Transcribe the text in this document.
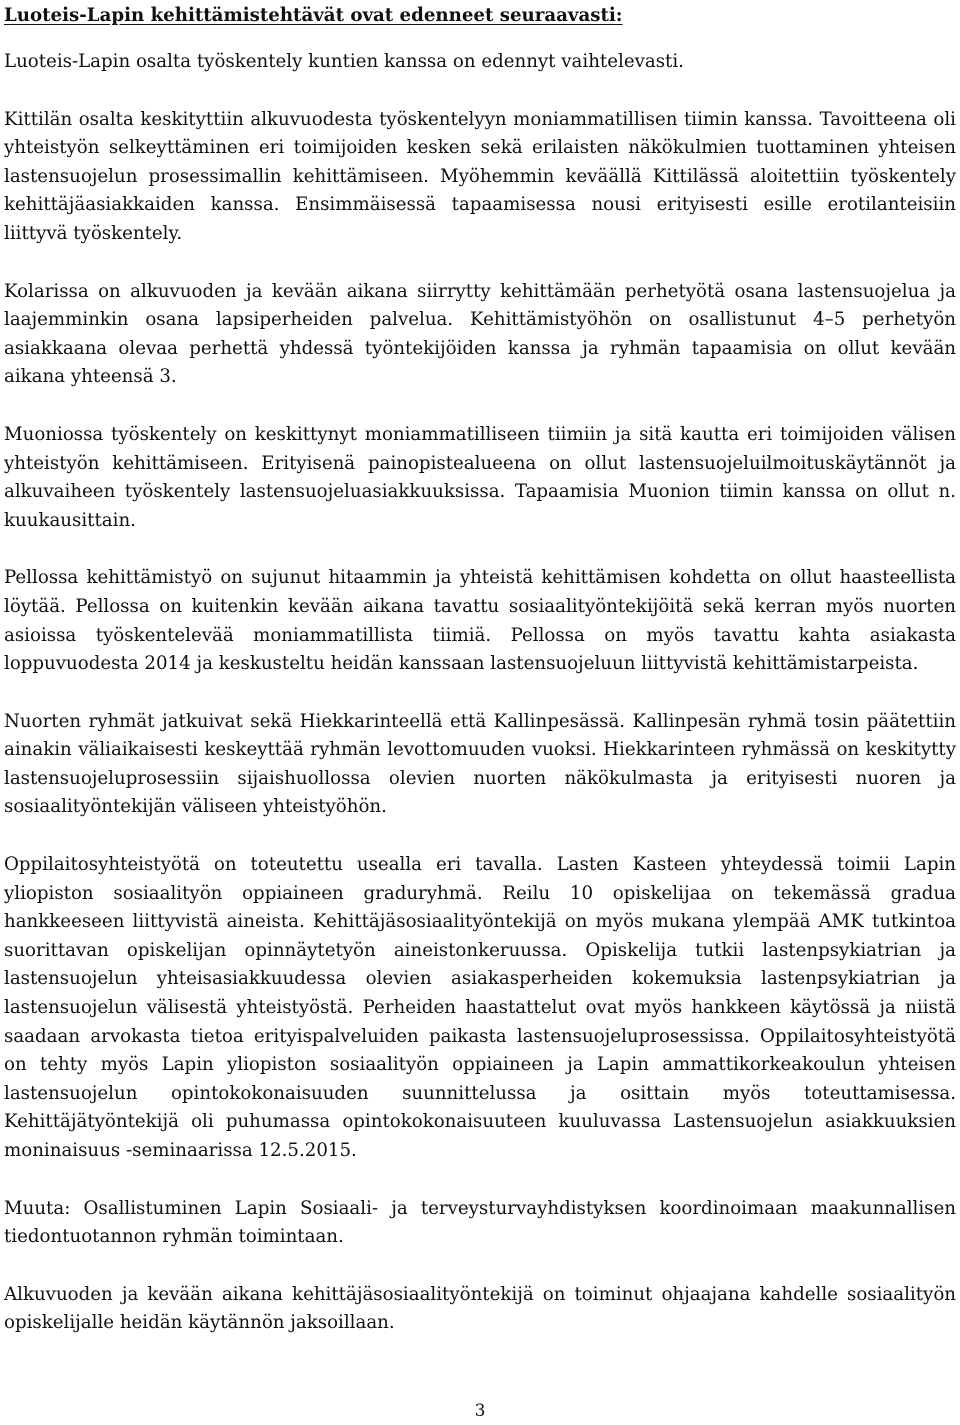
Luoteis-Lapin kehittämistehtävät ovat edenneet seuraavasti:

Luoteis-Lapin osalta työskentely kuntien kanssa on edennyt vaihtelevasti.

Kittilän osalta keskityttiin alkuvuodesta työskentelyyn moniammatillisen tiimin kanssa. Tavoitteena oli yhteistyön selkeyttäminen eri toimijoiden kesken sekä erilaisten näkökulmien tuottaminen yhteisen lastensuojelun prosessimallin kehittämiseen. Myöhemmin keväällä Kittilässä aloitettiin työskentely kehittäjäasiakkaiden kanssa. Ensimmäisessä tapaamisessa nousi erityisesti esille erotilanteisiin liittyvä työskentely.

Kolarissa on alkuvuoden ja kevään aikana siirrytty kehittämään perhetyötä osana lastensuojelua ja laajemminkin osana lapsiperheiden palvelua. Kehittämistyöhön on osallistunut 4–5 perhetyön asiakkaana olevaa perhettä yhdessä työntekijöiden kanssa ja ryhmän tapaamisia on ollut kevään aikana yhteensä 3.

Muoniossa työskentely on keskittynyt moniammatilliseen tiimiin ja sitä kautta eri toimijoiden välisen yhteistyön kehittämiseen. Erityisenä painopistealueena on ollut lastensuojeluilmoituskäytännöt ja alkuvaiheen työskentely lastensuojeluasiakkuuksissa. Tapaamisia Muonion tiimin kanssa on ollut n. kuukausittain.

Pellossa kehittämistyö on sujunut hitaammin ja yhteistä kehittämisen kohdetta on ollut haasteellista löytää. Pellossa on kuitenkin kevään aikana tavattu sosiaalityöntekijöitä sekä kerran myös nuorten asioissa työskentelevää moniammatillista tiimiä. Pellossa on myös tavattu kahta asiakasta loppuvuodesta 2014 ja keskusteltu heidän kanssaan lastensuojeluun liittyvistä kehittämistarpeista.

Nuorten ryhmät jatkuivat sekä Hiekkarinteellä että Kallinpesässä. Kallinpesän ryhmä tosin päätettiin ainakin väliaikaisesti keskeyttää ryhmän levottomuuden vuoksi. Hiekkarinteen ryhmässä on keskitytty lastensuojeluprosessiin sijaishuollossa olevien nuorten näkökulmasta ja erityisesti nuoren ja sosiaalityöntekijän väliseen yhteistyöhön.

Oppilaitosyhteistyötä on toteutettu usealla eri tavalla. Lasten Kasteen yhteydessä toimii Lapin yliopiston sosiaalityön oppiaineen graduryhmä. Reilu 10 opiskelijaa on tekemässä gradua hankkeeseen liittyvistä aineista. Kehittäjäsosiaalityöntekijä on myös mukana ylempää AMK tutkintoa suorittavan opiskelijan opinnäytetyön aineistonkeruussa. Opiskelija tutkii lastenpsykiatrian ja lastensuojelun yhteisasiakkuudessa olevien asiakasperheiden kokemuksia lastenpsykiatrian ja lastensuojelun välisestä yhteistyöstä. Perheiden haastattelut ovat myös hankkeen käytössä ja niistä saadaan arvokasta tietoa erityispalveluiden paikasta lastensuojeluprosessissa. Oppilaitosyhteistyötä on tehty myös Lapin yliopiston sosiaalityön oppiaineen ja Lapin ammattikorkeakoulun yhteisen lastensuojelun opintokokonaisuuden suunnittelussa ja osittain myös toteuttamisessa. Kehittäjätyöntekijä oli puhumassa opintokokonaisuuteen kuuluvassa Lastensuojelun asiakkuuksien moninaisuus -seminaarissa 12.5.2015.

Muuta: Osallistuminen Lapin Sosiaali- ja terveysturvayhdistyksen koordinoimaan maakunnallisen tiedontuotannon ryhmän toimintaan.

Alkuvuoden ja kevään aikana kehittäjäsosiaalityöntekijä on toiminut ohjaajana kahdelle sosiaalityön opiskelijalle heidän käytännön jaksoillaan.

3
